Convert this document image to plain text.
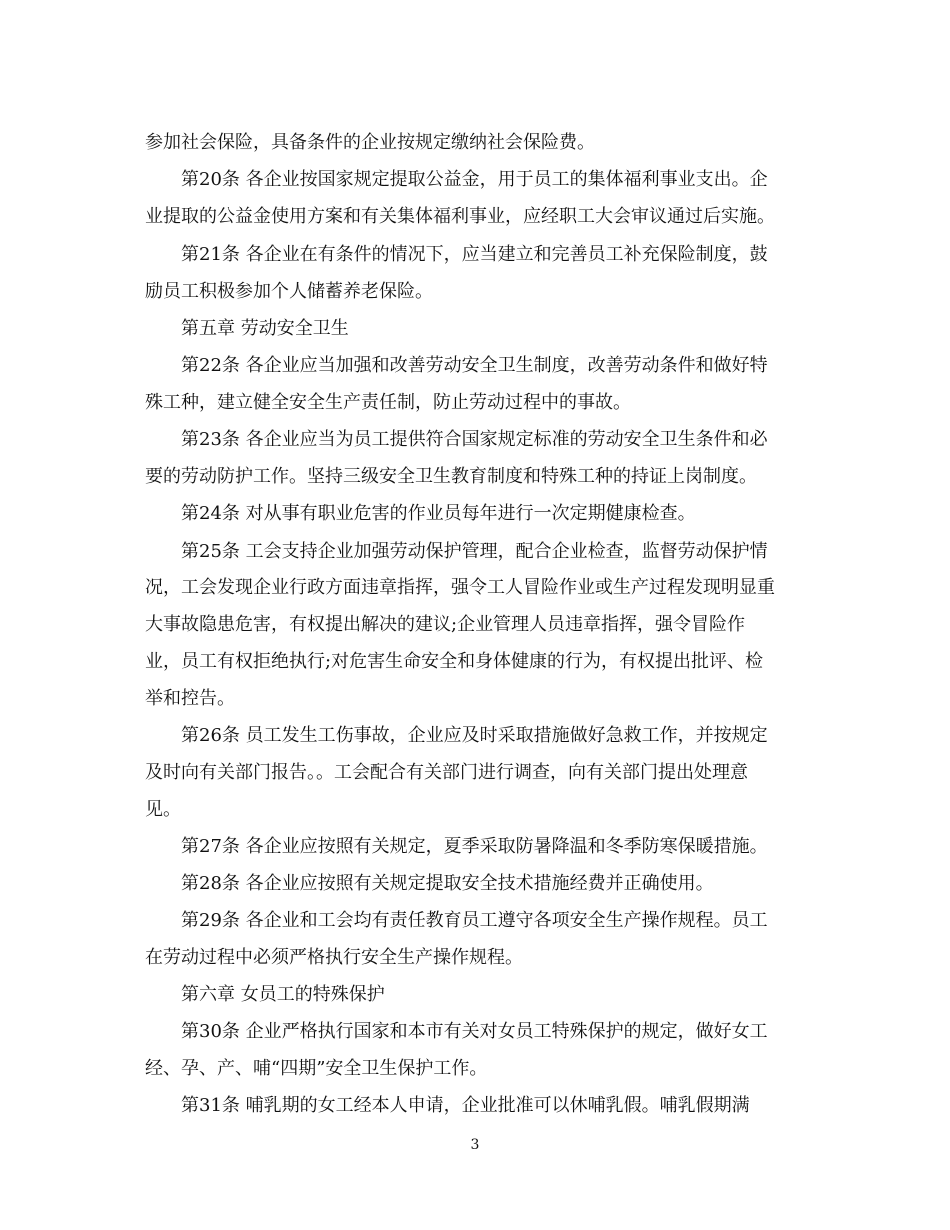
参加社会保险，具备条件的企业按规定缴纳社会保险费。
第20条 各企业按国家规定提取公益金，用于员工的集体福利事业支出。企
业提取的公益金使用方案和有关集体福利事业，应经职工大会审议通过后实施。
第21条 各企业在有条件的情况下，应当建立和完善员工补充保险制度，鼓
励员工积极参加个人储蓄养老保险。
第五章 劳动安全卫生
第22条 各企业应当加强和改善劳动安全卫生制度，改善劳动条件和做好特
殊工种，建立健全安全生产责任制，防止劳动过程中的事故。
第23条 各企业应当为员工提供符合国家规定标准的劳动安全卫生条件和必
要的劳动防护工作。坚持三级安全卫生教育制度和特殊工种的持证上岗制度。
第24条 对从事有职业危害的作业员每年进行一次定期健康检查。
第25条 工会支持企业加强劳动保护管理，配合企业检查，监督劳动保护情
况，工会发现企业行政方面违章指挥，强令工人冒险作业或生产过程发现明显重
大事故隐患危害，有权提出解决的建议;企业管理人员违章指挥，强令冒险作
业，员工有权拒绝执行;对危害生命安全和身体健康的行为，有权提出批评、检
举和控告。
第26条 员工发生工伤事故，企业应及时采取措施做好急救工作，并按规定
及时向有关部门报告。。工会配合有关部门进行调查，向有关部门提出处理意
见。
第27条 各企业应按照有关规定，夏季采取防暑降温和冬季防寒保暖措施。
第28条 各企业应按照有关规定提取安全技术措施经费并正确使用。
第29条 各企业和工会均有责任教育员工遵守各项安全生产操作规程。员工
在劳动过程中必须严格执行安全生产操作规程。
第六章 女员工的特殊保护
第30条 企业严格执行国家和本市有关对女员工特殊保护的规定，做好女工
经、孕、产、哺“四期”安全卫生保护工作。
第31条 哺乳期的女工经本人申请，企业批准可以休哺乳假。哺乳假期满
3
